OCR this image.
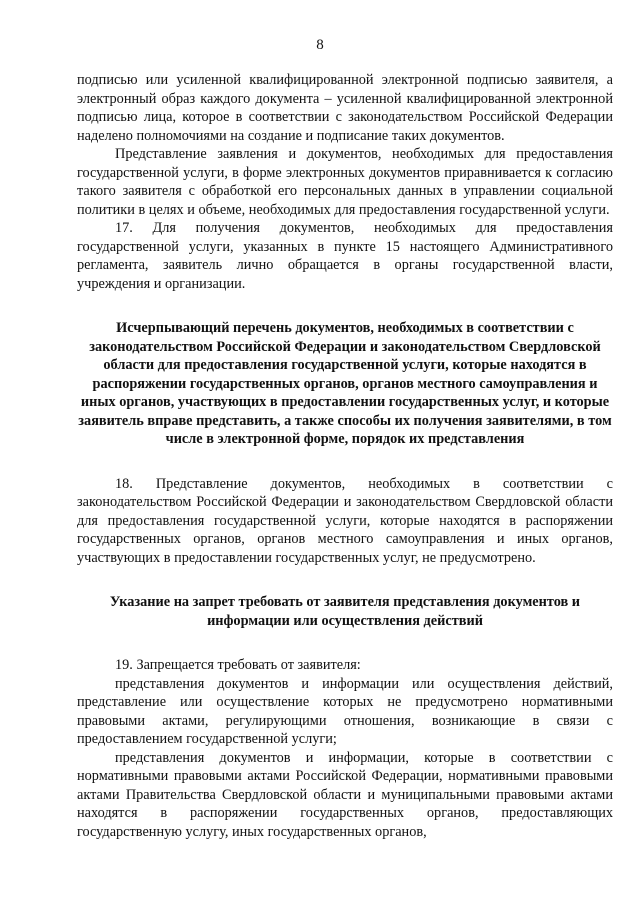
8

подписью или усиленной квалифицированной электронной подписью заявителя, а электронный образ каждого документа – усиленной квалифицированной электронной подписью лица, которое в соответствии с законодательством Российской Федерации наделено полномочиями на создание и подписание таких документов.

Представление заявления и документов, необходимых для предоставления государственной услуги, в форме электронных документов приравнивается к согласию такого заявителя с обработкой его персональных данных в управлении социальной политики в целях и объеме, необходимых для предоставления государственной услуги.

17. Для получения документов, необходимых для предоставления государственной услуги, указанных в пункте 15 настоящего Административного регламента, заявитель лично обращается в органы государственной власти, учреждения и организации.

Исчерпывающий перечень документов, необходимых в соответствии с законодательством Российской Федерации и законодательством Свердловской области для предоставления государственной услуги, которые находятся в распоряжении государственных органов, органов местного самоуправления и иных органов, участвующих в предоставлении государственных услуг, и которые заявитель вправе представить, а также способы их получения заявителями, в том числе в электронной форме, порядок их представления

18. Представление документов, необходимых в соответствии с законодательством Российской Федерации и законодательством Свердловской области для предоставления государственной услуги, которые находятся в распоряжении государственных органов, органов местного самоуправления и иных органов, участвующих в предоставлении государственных услуг, не предусмотрено.

Указание на запрет требовать от заявителя представления документов и информации или осуществления действий

19. Запрещается требовать от заявителя:

представления документов и информации или осуществления действий, представление или осуществление которых не предусмотрено нормативными правовыми актами, регулирующими отношения, возникающие в связи с предоставлением государственной услуги;

представления документов и информации, которые в соответствии с нормативными правовыми актами Российской Федерации, нормативными правовыми актами Правительства Свердловской области и муниципальными правовыми актами находятся в распоряжении государственных органов, предоставляющих государственную услугу, иных государственных органов,
